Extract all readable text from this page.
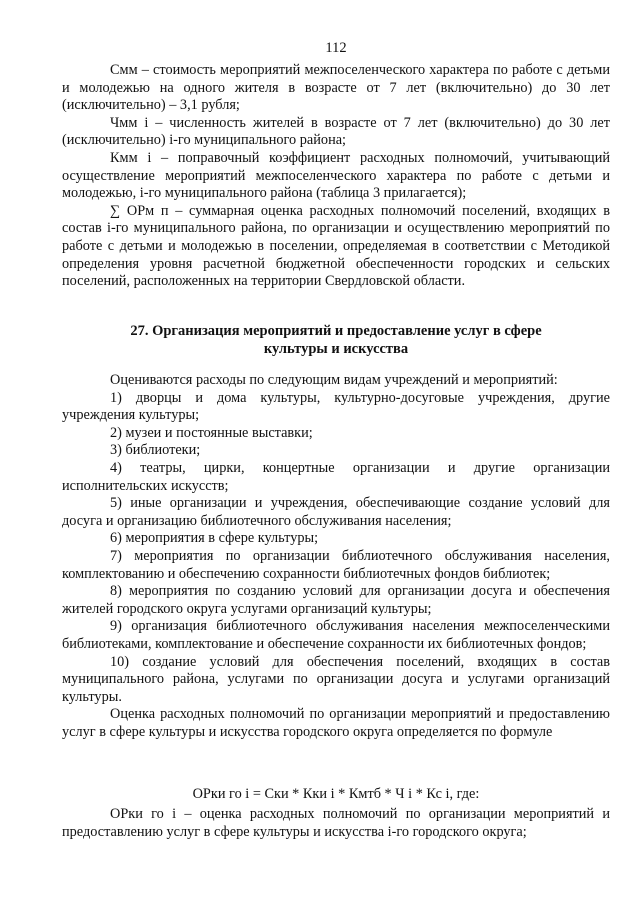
112

Смм – стоимость мероприятий межпоселенческого характера по работе с детьми и молодежью на одного жителя в возрасте от 7 лет (включительно) до 30 лет (исключительно) – 3,1 рубля;

Чмм i – численность жителей в возрасте от 7 лет (включительно) до 30 лет (исключительно) i-го муниципального района;

Кмм i – поправочный коэффициент расходных полномочий, учитывающий осуществление мероприятий межпоселенческого характера по работе с детьми и молодежью, i-го муниципального района (таблица 3 прилагается);

∑ ОРм п – суммарная оценка расходных полномочий поселений, входящих в состав i-го муниципального района, по организации и осуществлению мероприятий по работе с детьми и молодежью в поселении, определяемая в соответствии с Методикой определения уровня расчетной бюджетной обеспеченности городских и сельских поселений, расположенных на территории Свердловской области.

27. Организация мероприятий и предоставление услуг в сфере
культуры и искусства

Оцениваются расходы по следующим видам учреждений и мероприятий:

1) дворцы и дома культуры, культурно-досуговые учреждения, другие учреждения культуры;

2) музеи и постоянные выставки;

3) библиотеки;

4) театры, цирки, концертные организации и другие организации исполнительских искусств;

5) иные организации и учреждения, обеспечивающие создание условий для досуга и организацию библиотечного обслуживания населения;

6) мероприятия в сфере культуры;

7) мероприятия по организации библиотечного обслуживания населения, комплектованию и обеспечению сохранности библиотечных фондов библиотек;

8) мероприятия по созданию условий для организации досуга и обеспечения жителей городского округа услугами организаций культуры;

9) организация библиотечного обслуживания населения межпоселенческими библиотеками, комплектование и обеспечение сохранности их библиотечных фондов;

10) создание условий для обеспечения поселений, входящих в состав муниципального района, услугами по организации досуга и услугами организаций культуры.

Оценка расходных полномочий по организации мероприятий и предоставлению услуг в сфере культуры и искусства городского округа определяется по формуле

ОРки го i = Ски * Кки i * Кмтб * Ч i * Кс i, где:

ОРки го i – оценка расходных полномочий по организации мероприятий и предоставлению услуг в сфере культуры и искусства i-го городского округа;
